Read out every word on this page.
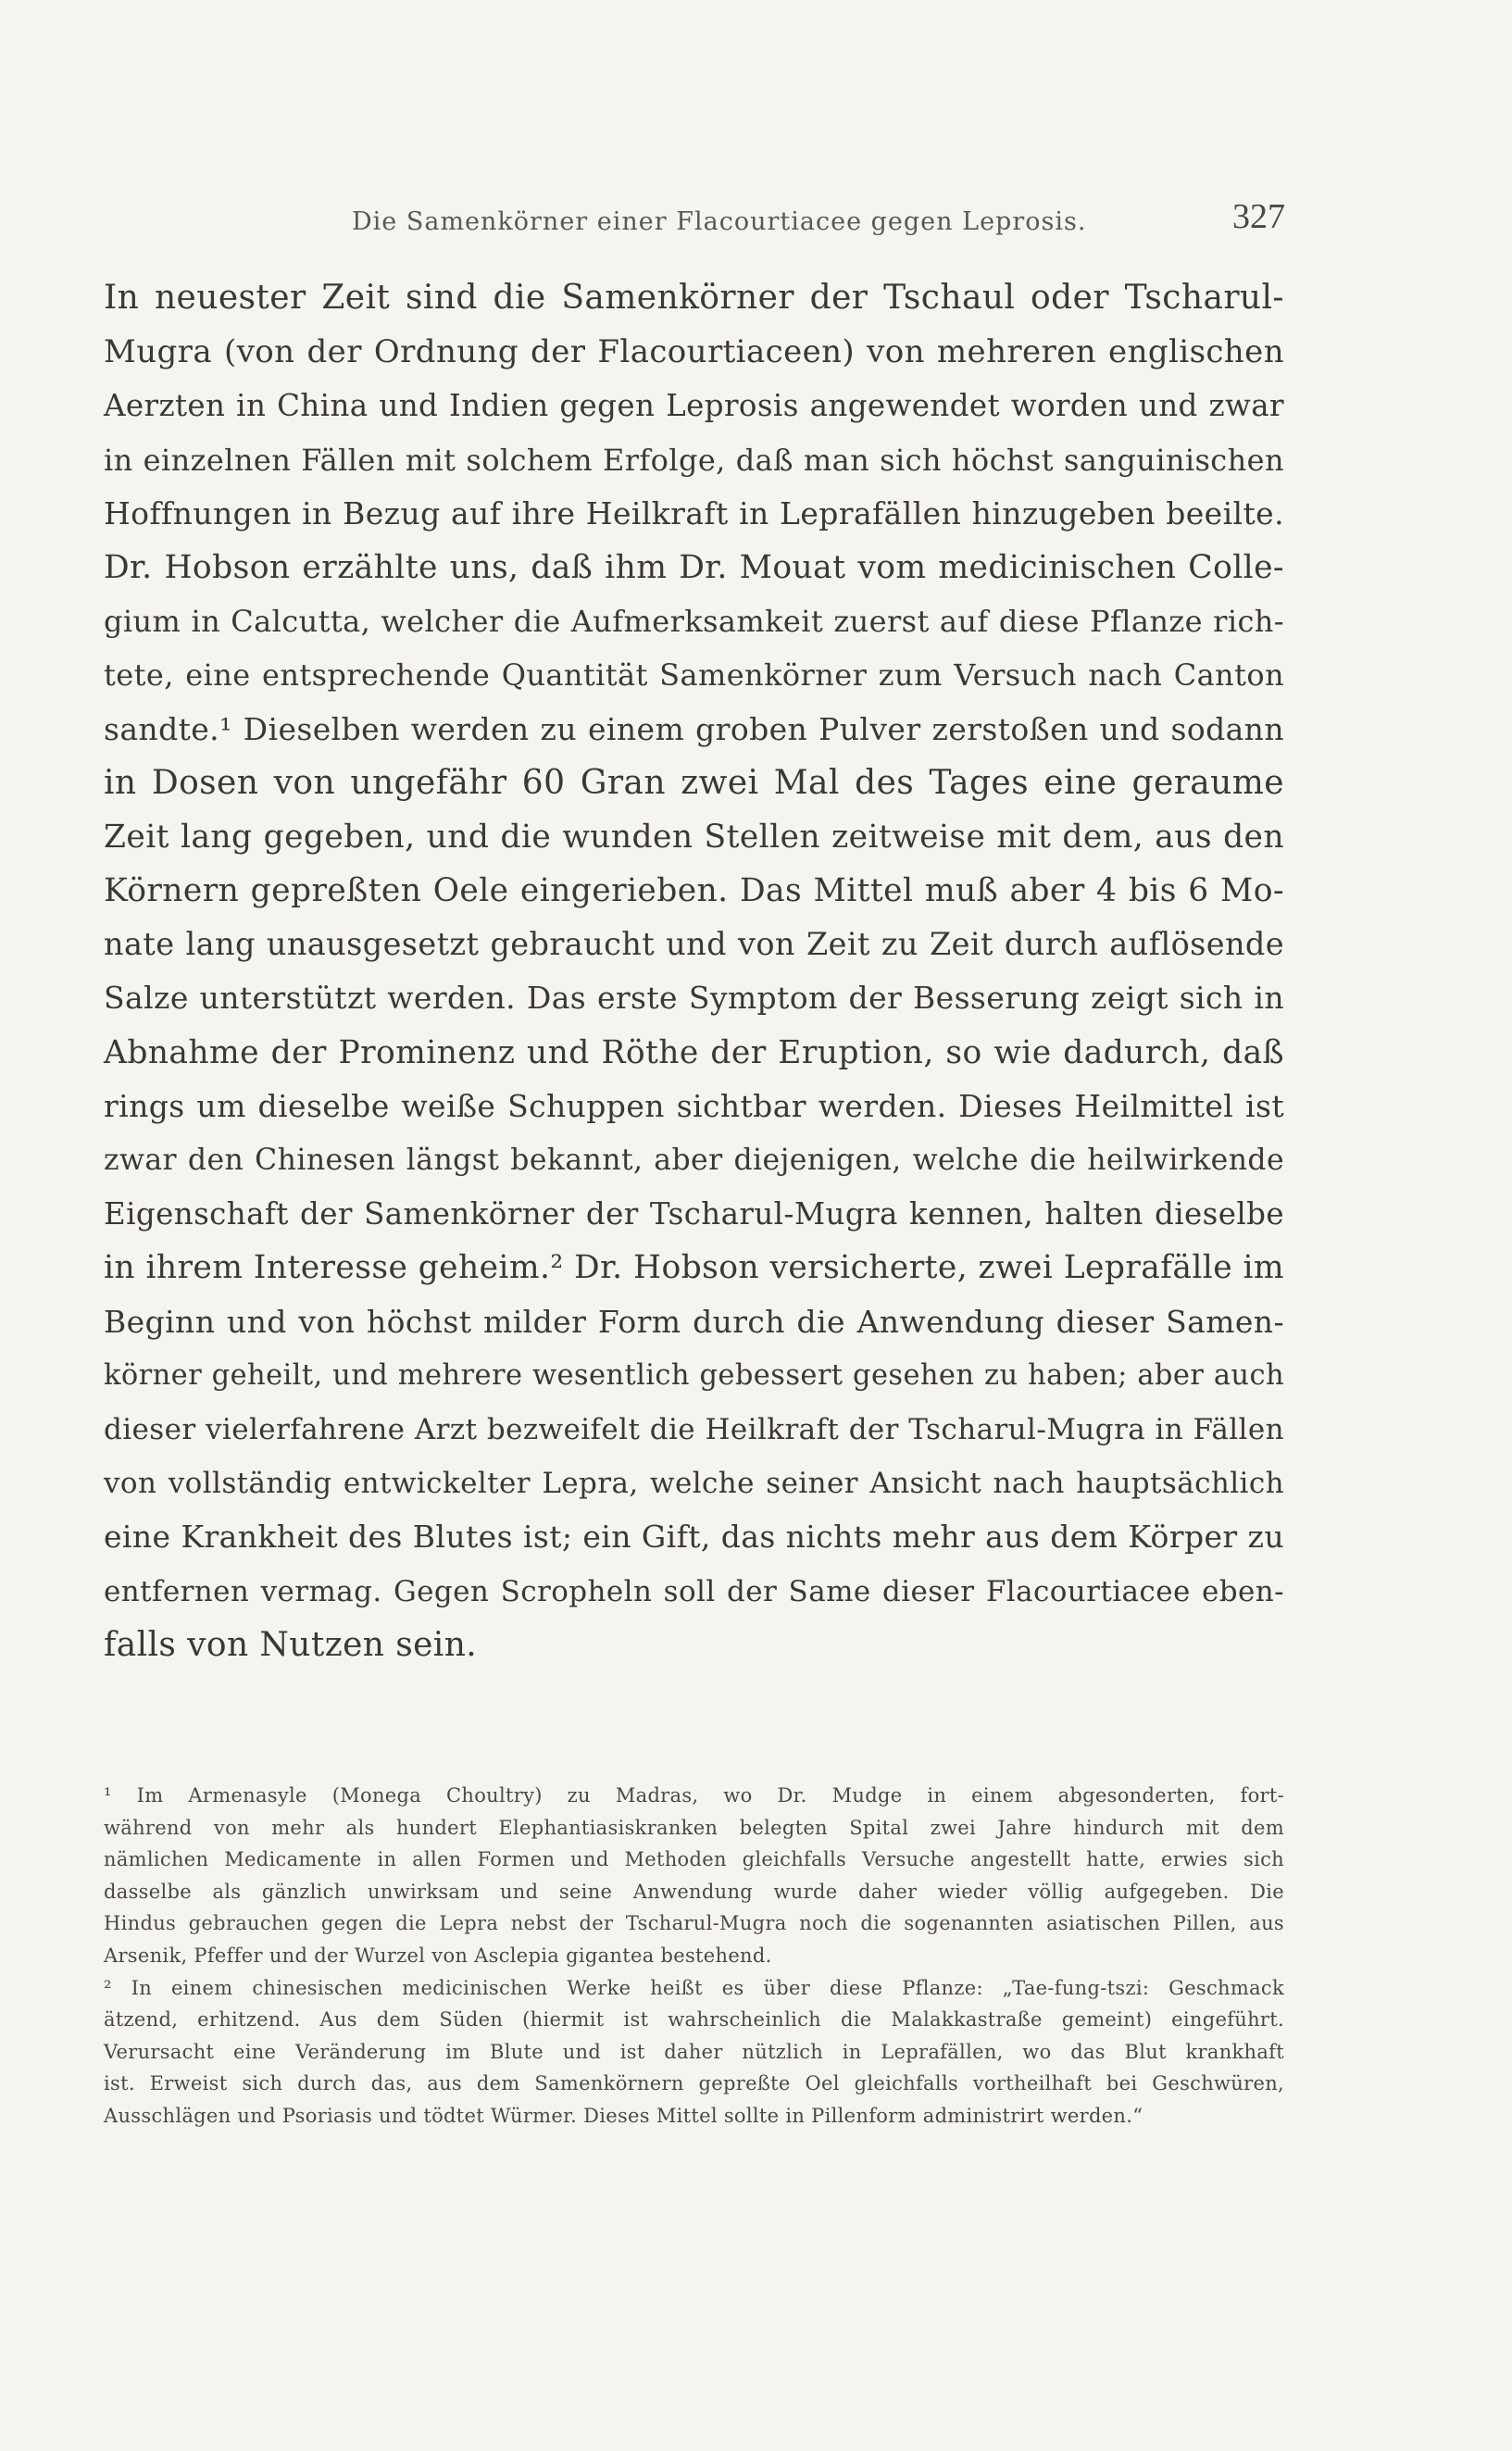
Die Samenkörner einer Flacourtiacee gegen Leprosis.	327
In neuester Zeit sind die Samenkörner der Tschaul oder Tscharul-
Mugra (von der Ordnung der Flacourtiaceen) von mehreren englischen
Aerzten in China und Indien gegen Leprosis angewendet worden und zwar
in einzelnen Fällen mit solchem Erfolge, daß man sich höchst sanguinischen
Hoffnungen in Bezug auf ihre Heilkraft in Leprafällen hinzugeben beeilte.
Dr. Hobson erzählte uns, daß ihm Dr. Mouat vom medicinischen Colle-
gium in Calcutta, welcher die Aufmerksamkeit zuerst auf diese Pflanze rich-
tete, eine entsprechende Quantität Samenkörner zum Versuch nach Canton
sandte.¹ Dieselben werden zu einem groben Pulver zerstoßen und sodann
in Dosen von ungefähr 60 Gran zwei Mal des Tages eine geraume
Zeit lang gegeben, und die wunden Stellen zeitweise mit dem, aus den
Körnern gepreßten Oele eingerieben. Das Mittel muß aber 4 bis 6 Mo-
nate lang unausgesetzt gebraucht und von Zeit zu Zeit durch auflösende
Salze unterstützt werden. Das erste Symptom der Besserung zeigt sich in
Abnahme der Prominenz und Röthe der Eruption, so wie dadurch, daß
rings um dieselbe weiße Schuppen sichtbar werden. Dieses Heilmittel ist
zwar den Chinesen längst bekannt, aber diejenigen, welche die heilwirkende
Eigenschaft der Samenkörner der Tscharul-Mugra kennen, halten dieselbe
in ihrem Interesse geheim.² Dr. Hobson versicherte, zwei Leprafälle im
Beginn und von höchst milder Form durch die Anwendung dieser Samen-
körner geheilt, und mehrere wesentlich gebessert gesehen zu haben; aber auch
dieser vielerfahrene Arzt bezweifelt die Heilkraft der Tscharul-Mugra in Fällen
von vollständig entwickelter Lepra, welche seiner Ansicht nach hauptsächlich
eine Krankheit des Blutes ist; ein Gift, das nichts mehr aus dem Körper zu
entfernen vermag. Gegen Scropheln soll der Same dieser Flacourtiacee eben-
falls von Nutzen sein.
¹ Im Armenasyle (Monega Choultry) zu Madras, wo Dr. Mudge in einem abgesonderten, fort-
während von mehr als hundert Elephantiasiskranken belegten Spital zwei Jahre hindurch mit dem
nämlichen Medicamente in allen Formen und Methoden gleichfalls Versuche angestellt hatte, erwies sich
dasselbe als gänzlich unwirksam und seine Anwendung wurde daher wieder völlig aufgegeben. Die
Hindus gebrauchen gegen die Lepra nebst der Tscharul-Mugra noch die sogenannten asiatischen Pillen, aus
Arsenik, Pfeffer und der Wurzel von Asclepia gigantea bestehend.
² In einem chinesischen medicinischen Werke heißt es über diese Pflanze: „Tae-fung-tszi: Geschmack
ätzend, erhitzend. Aus dem Süden (hiermit ist wahrscheinlich die Malakkastraße gemeint) eingeführt.
Verursacht eine Veränderung im Blute und ist daher nützlich in Leprafällen, wo das Blut krankhaft
ist. Erweist sich durch das, aus dem Samenkörnern gepreßte Oel gleichfalls vortheilhaft bei Geschwüren,
Ausschlägen und Psoriasis und tödtet Würmer. Dieses Mittel sollte in Pillenform administrirt werden.“
